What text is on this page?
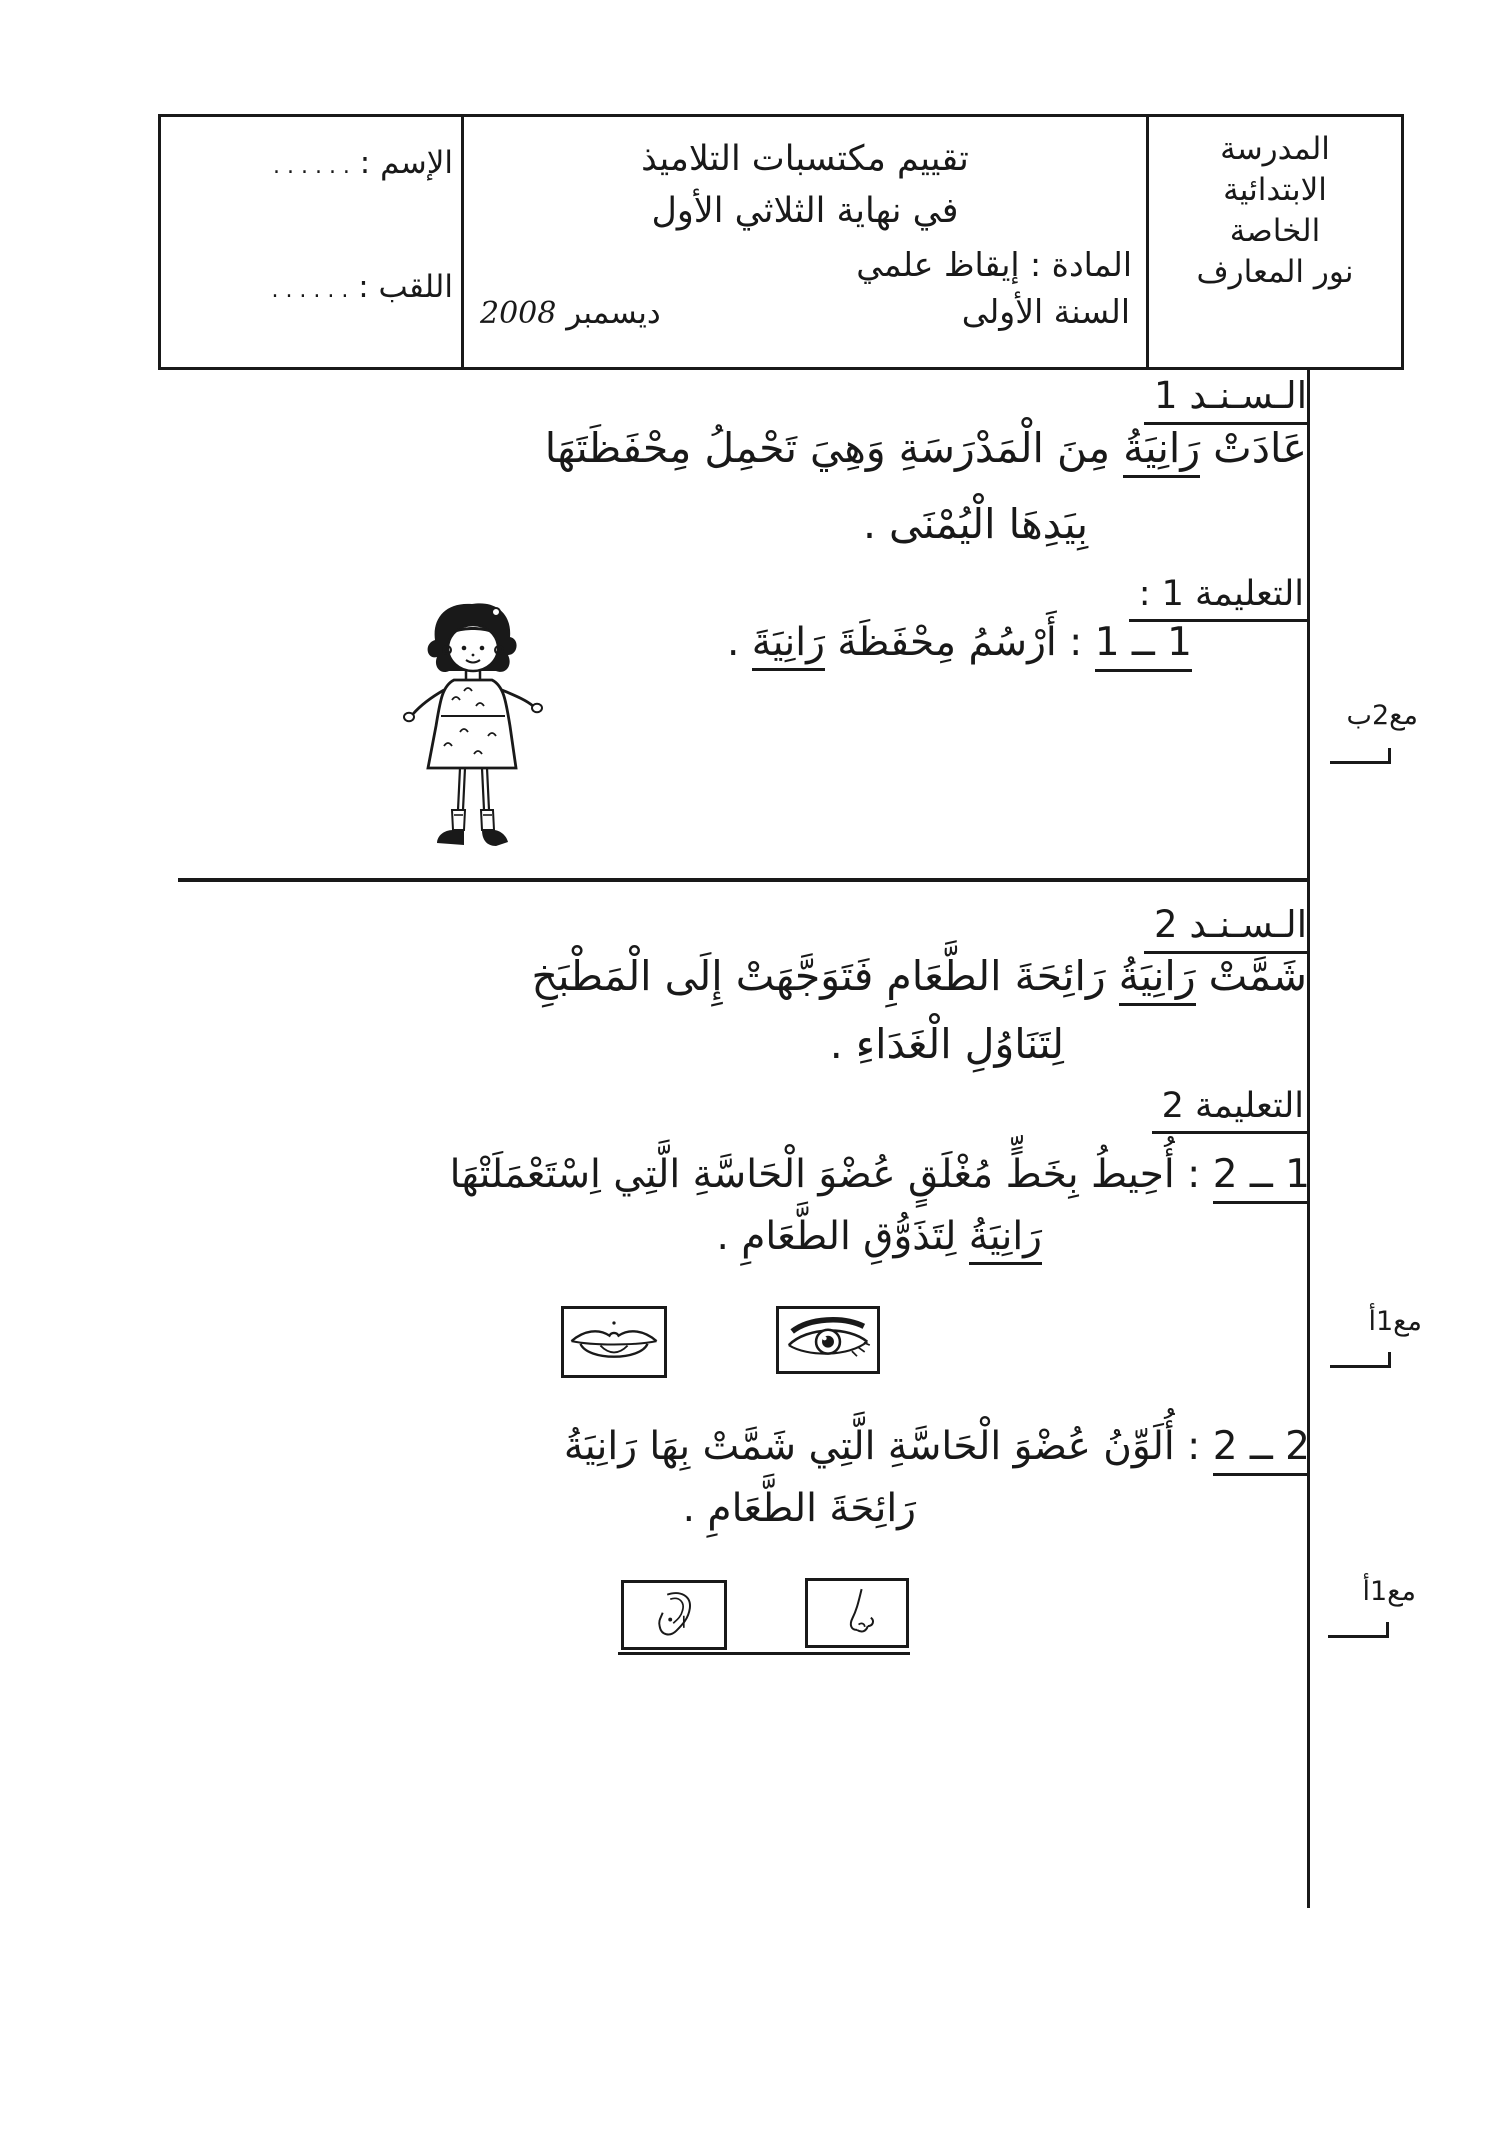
المدرسة
الابتدائية
الخاصة
نور المعارف
تقييم مكتسبات التلاميذ
في نهاية الثلاثي الأول
المادة : إيقاظ علمي
السنة الأولى
ديسمبر 2008
الإسم : . . . . . .
اللقب : . . . . . .
الـسـنـد 1
عَادَتْ رَانِيَةُ مِنَ الْمَدْرَسَةِ وَهِيَ تَحْمِلُ مِحْفَظَتَهَا
بِيَدِهَا الْيُمْنَى .
التعليمة 1 :
1 ــ 1 : أَرْسُمُ مِحْفَظَةَ رَانِيَةَ .
مع2ب
الـسـنـد 2
شَمَّتْ رَانِيَةُ رَائِحَةَ الطَّعَامِ فَتَوَجَّهَتْ إِلَى الْمَطْبَخِ
لِتَنَاوُلِ الْغَدَاءِ .
التعليمة 2
1 ــ 2 : أُحِيطُ بِخَطٍّ مُغْلَقٍ عُضْوَ الْحَاسَّةِ الَّتِي اِسْتَعْمَلَتْهَا
رَانِيَةُ لِتَذَوُّقِ الطَّعَامِ .
مع1أ
2 ــ 2 : أُلَوِّنُ عُضْوَ الْحَاسَّةِ الَّتِي شَمَّتْ بِهَا رَانِيَةُ
رَائِحَةَ الطَّعَامِ .
مع1أ
